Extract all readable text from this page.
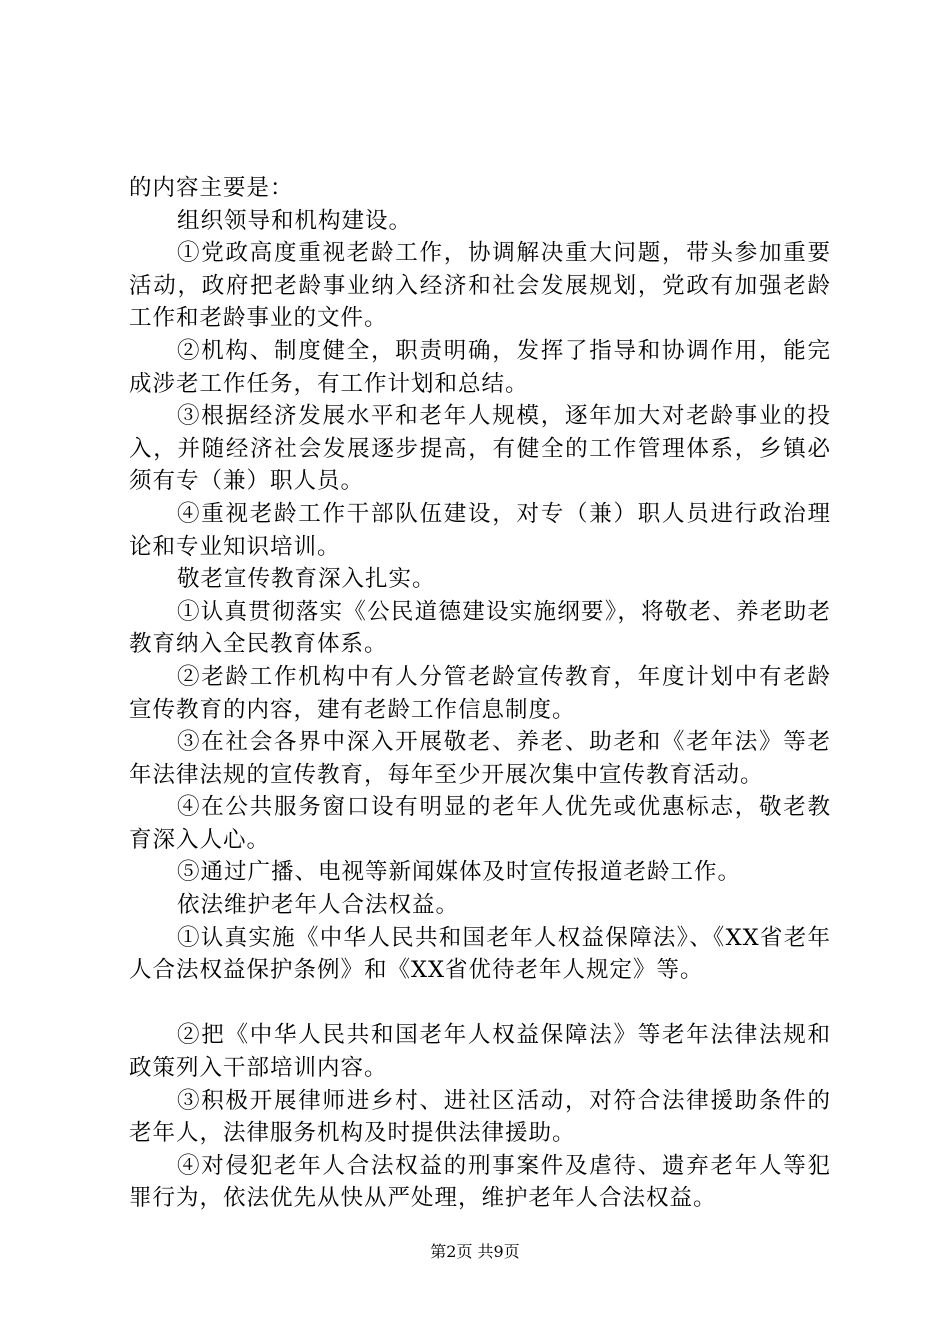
的内容主要是：

组织领导和机构建设。

①党政高度重视老龄工作，协调解决重大问题，带头参加重要活动，政府把老龄事业纳入经济和社会发展规划，党政有加强老龄工作和老龄事业的文件。

②机构、制度健全，职责明确，发挥了指导和协调作用，能完成涉老工作任务，有工作计划和总结。

③根据经济发展水平和老年人规模，逐年加大对老龄事业的投入，并随经济社会发展逐步提高，有健全的工作管理体系，乡镇必须有专（兼）职人员。

④重视老龄工作干部队伍建设，对专（兼）职人员进行政治理论和专业知识培训。

敬老宣传教育深入扎实。

①认真贯彻落实《公民道德建设实施纲要》，将敬老、养老助老教育纳入全民教育体系。

②老龄工作机构中有人分管老龄宣传教育，年度计划中有老龄宣传教育的内容，建有老龄工作信息制度。

③在社会各界中深入开展敬老、养老、助老和《老年法》等老年法律法规的宣传教育，每年至少开展次集中宣传教育活动。

④在公共服务窗口设有明显的老年人优先或优惠标志，敬老教育深入人心。

⑤通过广播、电视等新闻媒体及时宣传报道老龄工作。

依法维护老年人合法权益。

①认真实施《中华人民共和国老年人权益保障法》、《XX省老年人合法权益保护条例》和《XX省优待老年人规定》等。

②把《中华人民共和国老年人权益保障法》等老年法律法规和政策列入干部培训内容。

③积极开展律师进乡村、进社区活动，对符合法律援助条件的老年人，法律服务机构及时提供法律援助。

④对侵犯老年人合法权益的刑事案件及虐待、遗弃老年人等犯罪行为，依法优先从快从严处理，维护老年人合法权益。

第2页 共9页
